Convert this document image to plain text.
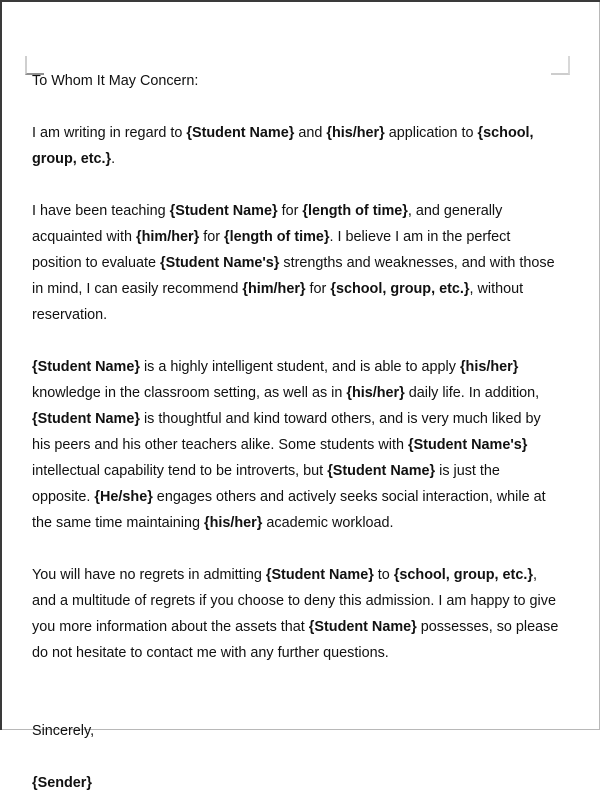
To Whom It May Concern:

I am writing in regard to {Student Name} and {his/her} application to {school, group, etc.}.

I have been teaching {Student Name} for {length of time}, and generally acquainted with {him/her} for {length of time}. I believe I am in the perfect position to evaluate {Student Name's} strengths and weaknesses, and with those in mind, I can easily recommend {him/her} for {school, group, etc.}, without reservation.

{Student Name} is a highly intelligent student, and is able to apply {his/her} knowledge in the classroom setting, as well as in {his/her} daily life. In addition, {Student Name} is thoughtful and kind toward others, and is very much liked by his peers and his other teachers alike. Some students with {Student Name's} intellectual capability tend to be introverts, but {Student Name} is just the opposite. {He/she} engages others and actively seeks social interaction, while at the same time maintaining {his/her} academic workload.

You will have no regrets in admitting {Student Name} to {school, group, etc.}, and a multitude of regrets if you choose to deny this admission. I am happy to give you more information about the assets that {Student Name} possesses, so please do not hesitate to contact me with any further questions.

Sincerely,

{Sender}
